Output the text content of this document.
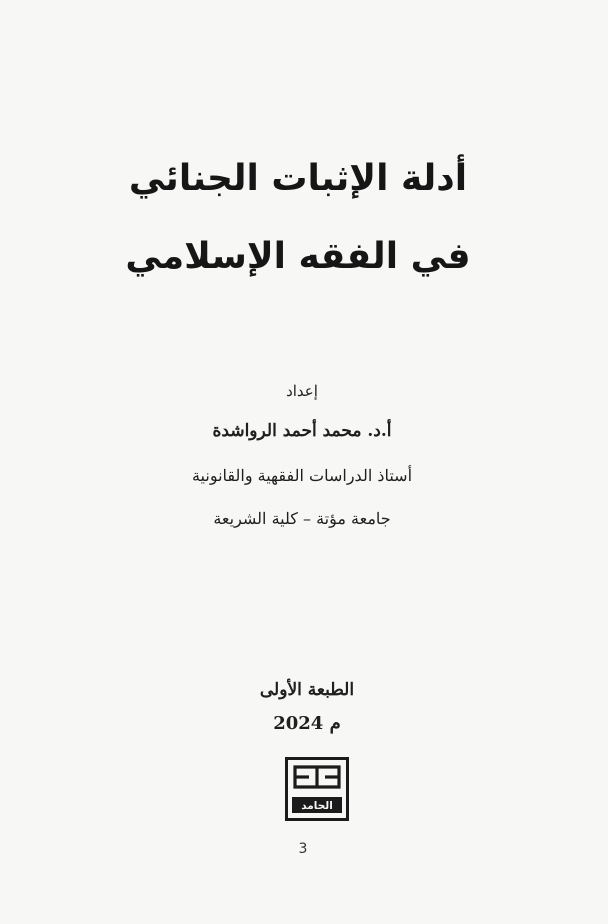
أدلة الإثبات الجنائي
في الفقه الإسلامي
إعداد
أ.د. محمد أحمد الرواشدة
أستاذ الدراسات الفقهية والقانونية
جامعة مؤتة – كلية الشريعة
الطبعة الأولى
2024 م
الحامد
3
